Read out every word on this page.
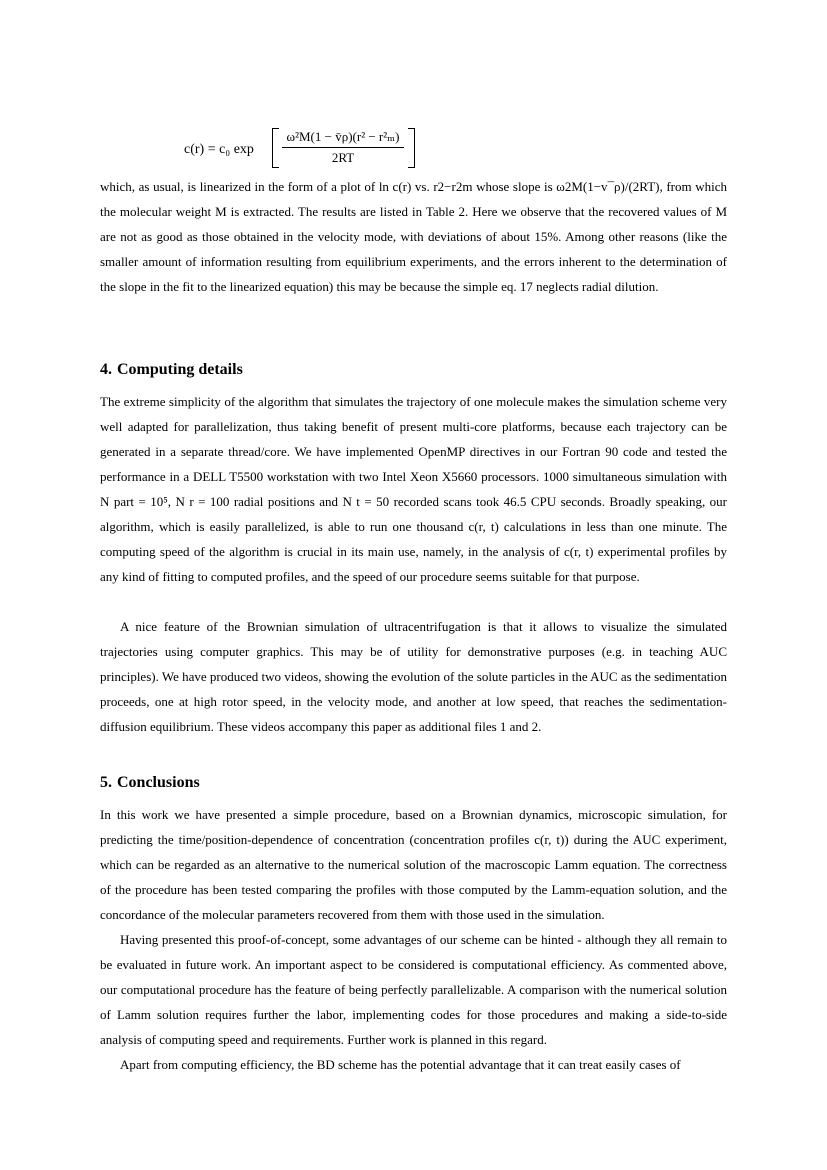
c(r) = c₀ exp
ω²M(1 − v̄ρ)(r² − r²ₘ)
2RT

which, as usual, is linearized in the form of a plot of ln c(r) vs. r2−r2m whose slope is ω2M(1−v¯ρ)/(2RT), from which the molecular weight M is extracted. The results are listed in Table 2. Here we observe that the recovered values of M are not as good as those obtained in the velocity mode, with deviations of about 15%. Among other reasons (like the smaller amount of information resulting from equilibrium experiments, and the errors inherent to the determination of the slope in the fit to the linearized equation) this may be because the simple eq. 17 neglects radial dilution.

4. Computing details

The extreme simplicity of the algorithm that simulates the trajectory of one molecule makes the simulation scheme very well adapted for parallelization, thus taking benefit of present multi-core platforms, because each trajectory can be generated in a separate thread/core. We have implemented OpenMP directives in our Fortran 90 code and tested the performance in a DELL T5500 workstation with two Intel Xeon X5660 processors. 1000 simultaneous simulation with N part = 10⁵, N r = 100 radial positions and N t = 50 recorded scans took 46.5 CPU seconds. Broadly speaking, our algorithm, which is easily parallelized, is able to run one thousand c(r, t) calculations in less than one minute. The computing speed of the algorithm is crucial in its main use, namely, in the analysis of c(r, t) experimental profiles by any kind of fitting to computed profiles, and the speed of our procedure seems suitable for that purpose.

A nice feature of the Brownian simulation of ultracentrifugation is that it allows to visualize the simulated trajectories using computer graphics. This may be of utility for demonstrative purposes (e.g. in teaching AUC principles). We have produced two videos, showing the evolution of the solute particles in the AUC as the sedimentation proceeds, one at high rotor speed, in the velocity mode, and another at low speed, that reaches the sedimentation-diffusion equilibrium. These videos accompany this paper as additional files 1 and 2.

5. Conclusions

In this work we have presented a simple procedure, based on a Brownian dynamics, microscopic simulation, for predicting the time/position-dependence of concentration (concentration profiles c(r, t)) during the AUC experiment, which can be regarded as an alternative to the numerical solution of the macroscopic Lamm equation. The correctness of the procedure has been tested comparing the profiles with those computed by the Lamm-equation solution, and the concordance of the molecular parameters recovered from them with those used in the simulation.

Having presented this proof-of-concept, some advantages of our scheme can be hinted - although they all remain to be evaluated in future work. An important aspect to be considered is computational efficiency. As commented above, our computational procedure has the feature of being perfectly parallelizable. A comparison with the numerical solution of Lamm solution requires further the labor, implementing codes for those procedures and making a side-to-side analysis of computing speed and requirements. Further work is planned in this regard.

Apart from computing efficiency, the BD scheme has the potential advantage that it can treat easily cases of
